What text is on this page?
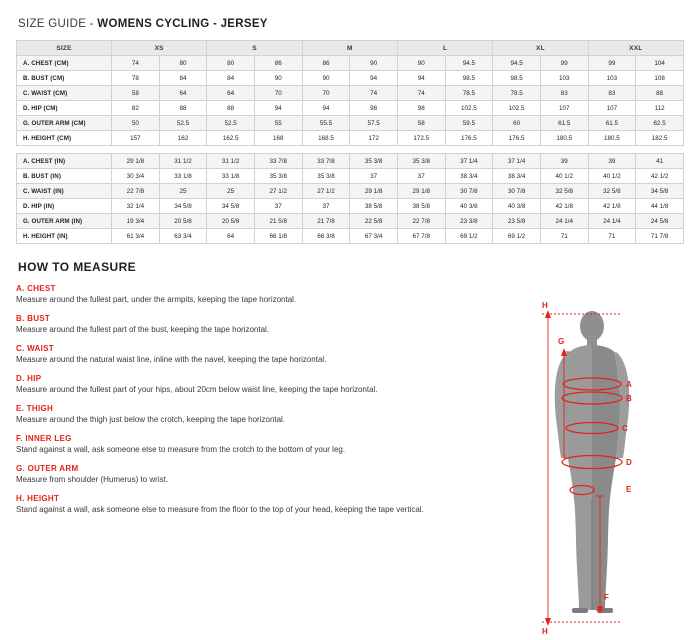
SIZE GUIDE - WOMENS CYCLING - JERSEY
SIZE	XS		S		M		L		XL		XXL	
A. CHEST (CM)	74	80	80	86	86	90	90	94.5	94.5	99	99	104
B. BUST (CM)	78	84	84	90	90	94	94	98.5	98.5	103	103	108
C. WAIST (CM)	58	64	64	70	70	74	74	78.5	78.5	83	83	88
D. HIP (CM)	82	88	88	94	94	98	98	102.5	102.5	107	107	112
G. OUTER ARM (CM)	50	52.5	52.5	55	55.5	57.5	58	59.5	60	61.5	61.5	62.5
H. HEIGHT (CM)	157	162	162.5	168	168.5	172	172.5	176.5	176.5	180.5	180.5	182.5

A. CHEST (IN)	29 1/8	31 1/2	31 1/2	33 7/8	33 7/8	35 3/8	35 3/8	37 1/4	37 1/4	39	39	41
B. BUST (IN)	30 3/4	33 1/8	33 1/8	35 3/8	35 3/8	37	37	38 3/4	38 3/4	40 1/2	40 1/2	42 1/2
C. WAIST (IN)	22 7/8	25	25	27 1/2	27 1/2	29 1/8	29 1/8	30 7/8	30 7/8	32 5/8	32 5/8	34 5/8
D. HIP (IN)	32 1/4	34 5/8	34 5/8	37	37	38 5/8	38 5/8	40 3/8	40 3/8	42 1/8	42 1/8	44 1/8
G. OUTER ARM (IN)	19 3/4	20 5/8	20 5/8	21 5/8	21 7/8	22 5/8	22 7/8	23 3/8	23 5/8	24 1/4	24 1/4	24 5/8
H. HEIGHT (IN)	61 3/4	63 3/4	64	66 1/8	66 3/8	67 3/4	67 7/8	69 1/2	69 1/2	71	71	71 7/8
HOW TO MEASURE
A. CHEST
Measure around the fullest part, under the armpits, keeping the tape horizontal.
B. BUST
Measure around the fullest part of the bust, keeping the tape horizontal.
C. WAIST
Measure around the natural waist line, inline with the navel, keeping the tape horizontal.
D. HIP
Measure around the fullest part of your hips, about 20cm below waist line, keeping the tape horizontal.
E. THIGH
Measure around the thigh just below the crotch, keeping the tape horizontal.
F. INNER LEG
Stand against a wall, ask someone else to measure from the crotch to the bottom of your leg.
G. OUTER ARM
Measure from shoulder (Humerus) to wrist.
H. HEIGHT
Stand against a wall, ask someone else to measure from the floor to the top of your head, keeping the tape vertical.
H
G
A
B
C
D
E
F
H
